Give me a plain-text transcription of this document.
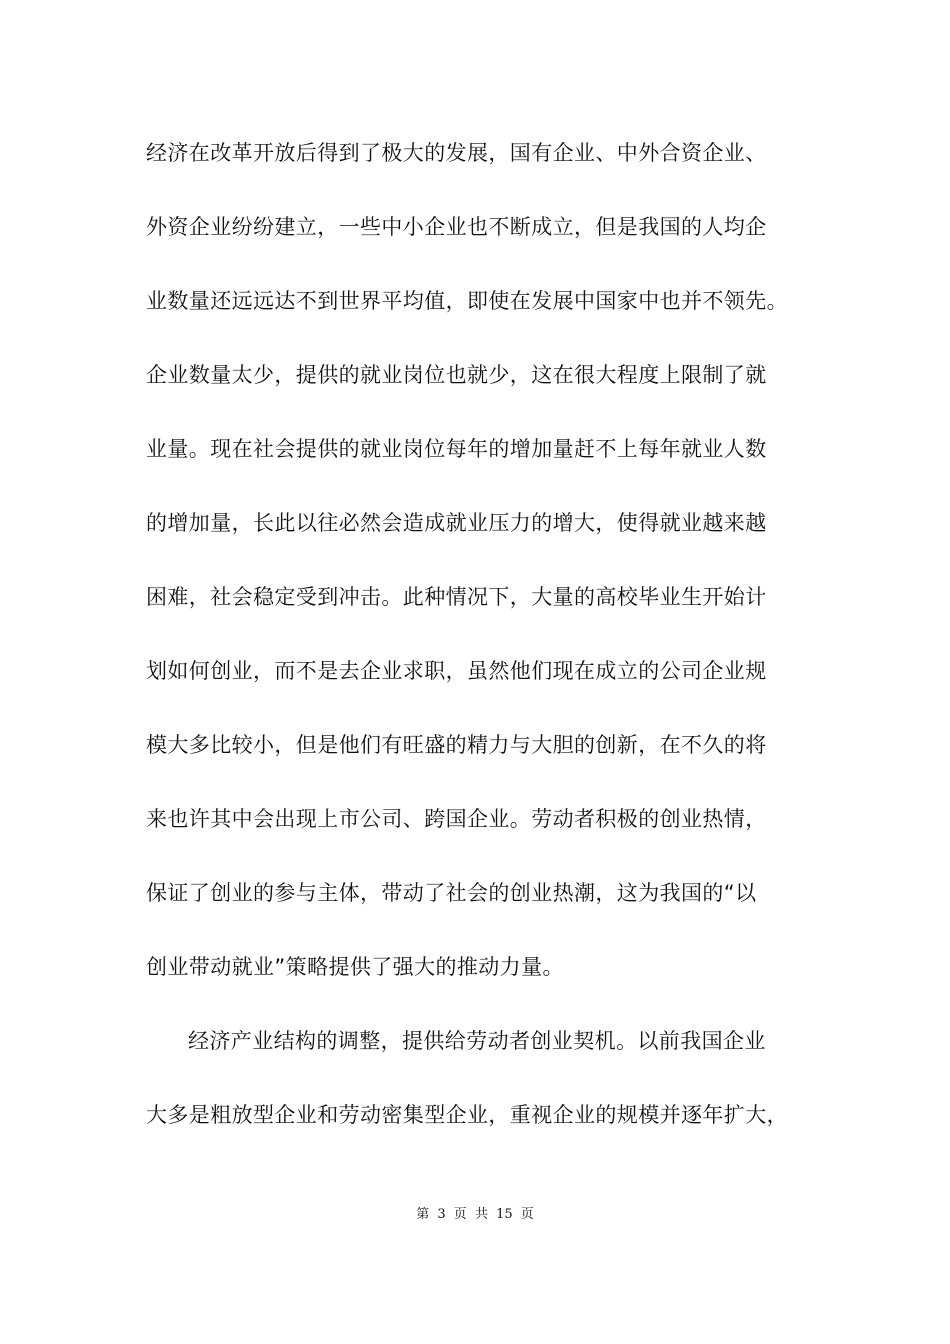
经济在改革开放后得到了极大的发展，国有企业、中外合资企业、
外资企业纷纷建立，一些中小企业也不断成立，但是我国的人均企
业数量还远远达不到世界平均值，即使在发展中国家中也并不领先。
企业数量太少，提供的就业岗位也就少，这在很大程度上限制了就
业量。现在社会提供的就业岗位每年的增加量赶不上每年就业人数
的增加量，长此以往必然会造成就业压力的增大，使得就业越来越
困难，社会稳定受到冲击。此种情况下，大量的高校毕业生开始计
划如何创业，而不是去企业求职，虽然他们现在成立的公司企业规
模大多比较小，但是他们有旺盛的精力与大胆的创新，在不久的将
来也许其中会出现上市公司、跨国企业。劳动者积极的创业热情，
保证了创业的参与主体，带动了社会的创业热潮，这为我国的“以
创业带动就业”策略提供了强大的推动力量。
经济产业结构的调整，提供给劳动者创业契机。以前我国企业
大多是粗放型企业和劳动密集型企业，重视企业的规模并逐年扩大，
第 3 页 共 15 页
